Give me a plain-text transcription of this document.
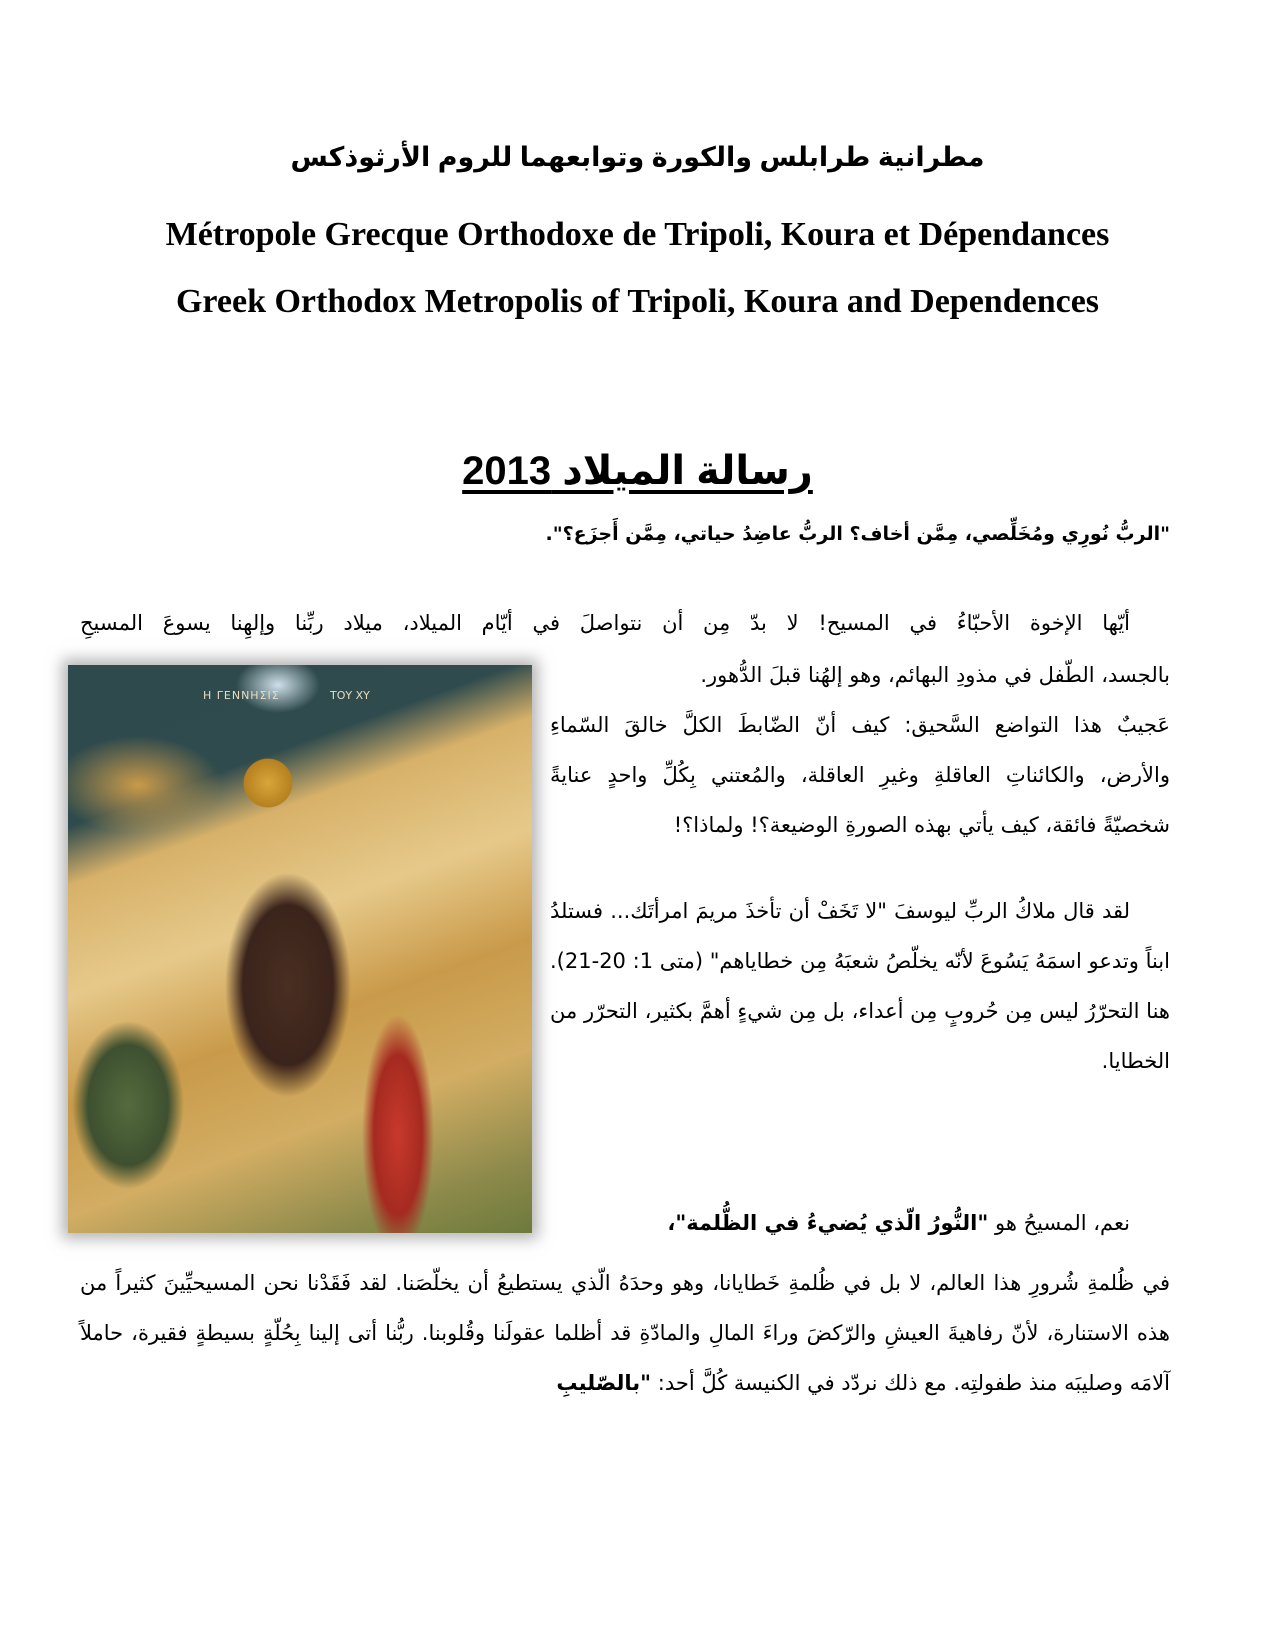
مطرانية طرابلس والكورة وتوابعهما للروم الأرثوذكس
Métropole Grecque Orthodoxe de Tripoli, Koura et Dépendances
Greek Orthodox Metropolis of Tripoli, Koura and Dependences
رسالة الميلاد 2013
"الربُّ نُورِي ومُخَلِّصي، مِمَّن أخاف؟ الربُّ عاضِدُ حياتي، مِمَّن أَجزَع؟".
أيّها الإخوة الأحبّاءُ في المسيح! لا بدّ مِن أن نتواصلَ في أيّام الميلاد، ميلاد ربِّنا وإلهِنا يسوعَ المسيحِ
Η ΓΕΝΝΗΣΙΣ	ΤΟΥ ΧΥ

بالجسد، الطّفل في مذودِ البهائم، وهو إلهُنا قبلَ الدُّهور.

عَجيبٌ هذا التواضع السَّحيق: كيف أنّ الضّابطَ الكلَّ خالقَ السّماءِ والأرض، والكائناتِ العاقلةِ وغيرِ العاقلة، والمُعتني بِكُلِّ واحدٍ عنايةً شخصيّةً فائقة، كيف يأتي بهذه الصورةِ الوضيعة؟! ولماذا؟!

لقد قال ملاكُ الربِّ ليوسفَ "لا تَخَفْ أن تأخذَ مريمَ امرأتَك... فستلدُ ابناً وتدعو اسمَهُ يَسُوعَ لأنّه يخلّصُ شعبَهُ مِن خطاياهم" (متى 1: 20-21). هنا التحرّرُ ليس مِن حُروبٍ مِن أعداء، بل مِن شيءٍ أهمَّ بكثير، التحرّر من الخطايا.

نعم، المسيحُ هو "النُّورُ الّذي يُضيءُ في الظُّلمة"،

في ظُلمةِ شُرورِ هذا العالم، لا بل في ظُلمةِ خَطايانا، وهو وحدَهُ الّذي يستطيعُ أن يخلّصَنا. لقد فَقَدْنا نحن المسيحيِّينَ كثيراً من هذه الاستنارة، لأنّ رفاهيةَ العيشِ والرّكضَ وراءَ المالِ والمادّةِ قد أظلما عقولَنا وقُلوبنا. ربُّنا أتى إلينا بِحُلّةٍ بسيطةٍ فقيرة، حاملاً آلامَه وصليبَه منذ طفولتِه. مع ذلك نردّد في الكنيسة كُلَّ أحد: "بالصّليبِ
